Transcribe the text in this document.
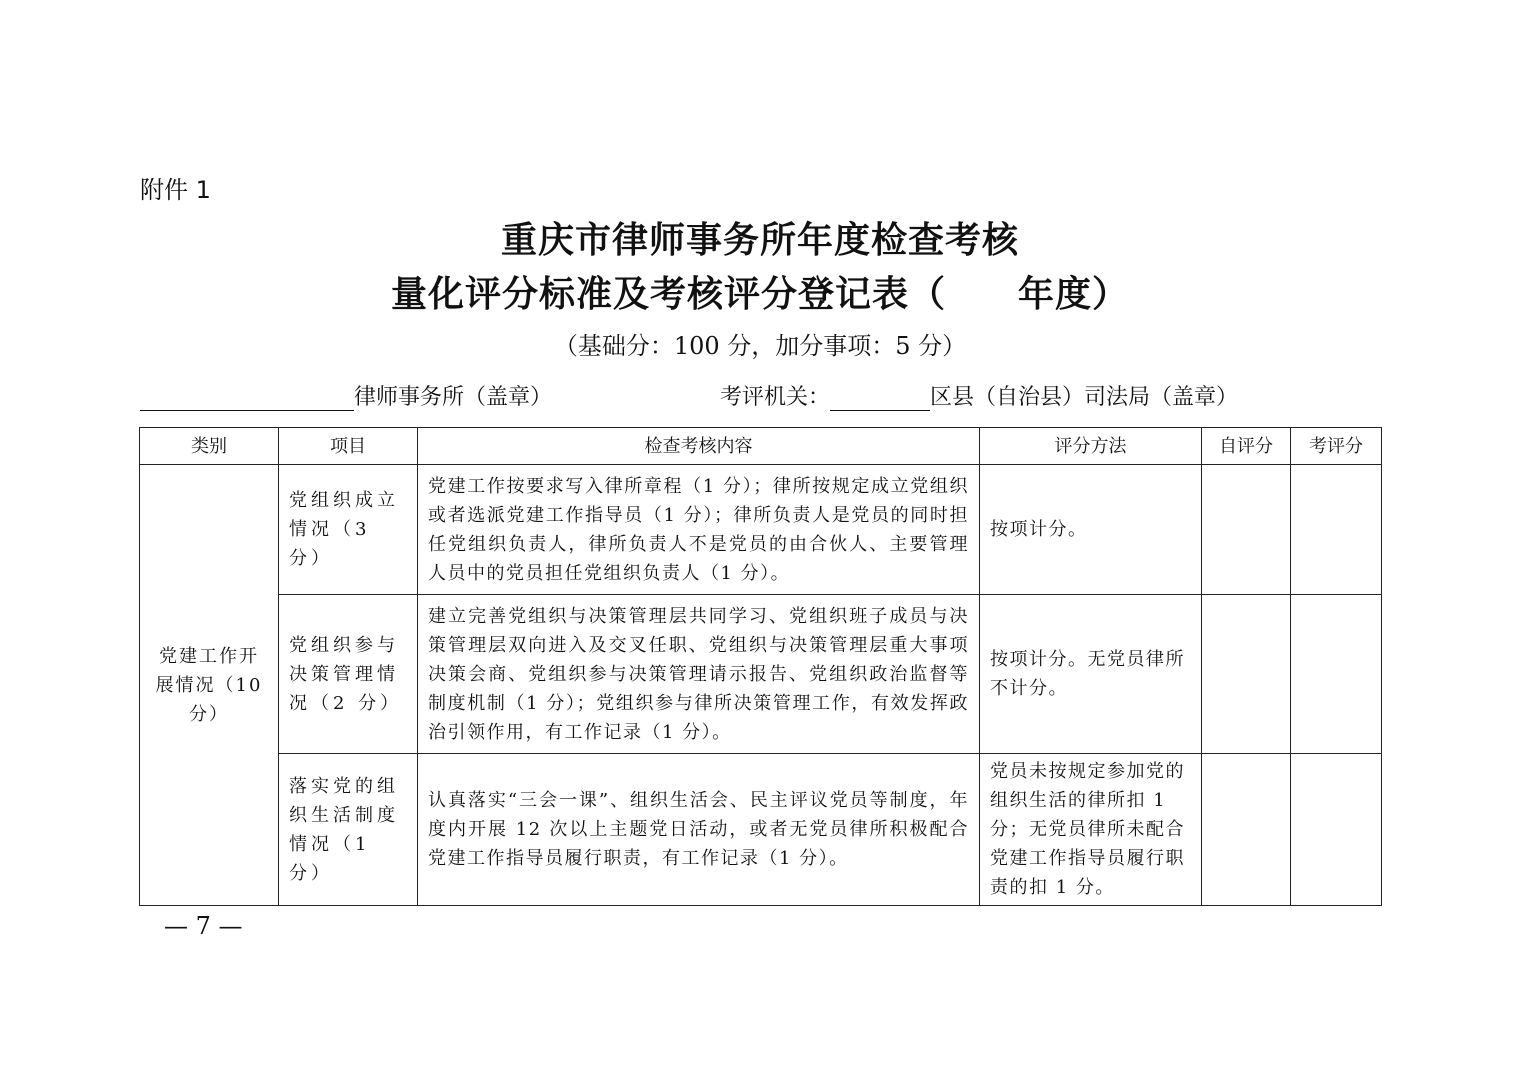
附件 1
重庆市律师事务所年度检查考核
量化评分标准及考核评分登记表（ 年度）
（基础分：100 分，加分事项：5 分）
律师事务所（盖章）	考评机关：	区县（自治县）司法局（盖章）
类别	项目	检查考核内容	评分方法	自评分	考评分
党建工作开展情况（10 分）	党组织成立情况（3 分）	党建工作按要求写入律所章程（1 分）；律所按规定成立党组织或者选派党建工作指导员（1 分）；律所负责人是党员的同时担任党组织负责人，律所负责人不是党员的由合伙人、主要管理人员中的党员担任党组织负责人（1 分）。	按项计分。		
	党组织参与决策管理情况（2 分）	建立完善党组织与决策管理层共同学习、党组织班子成员与决策管理层双向进入及交叉任职、党组织与决策管理层重大事项决策会商、党组织参与决策管理请示报告、党组织政治监督等制度机制（1 分）；党组织参与律所决策管理工作，有效发挥政治引领作用，有工作记录（1 分）。	按项计分。无党员律所不计分。		
	落实党的组织生活制度情况（1 分）	认真落实“三会一课”、组织生活会、民主评议党员等制度，年度内开展 12 次以上主题党日活动，或者无党员律所积极配合党建工作指导员履行职责，有工作记录（1 分）。	党员未按规定参加党的组织生活的律所扣 1 分；无党员律所未配合党建工作指导员履行职责的扣 1 分。		
— 7 —
